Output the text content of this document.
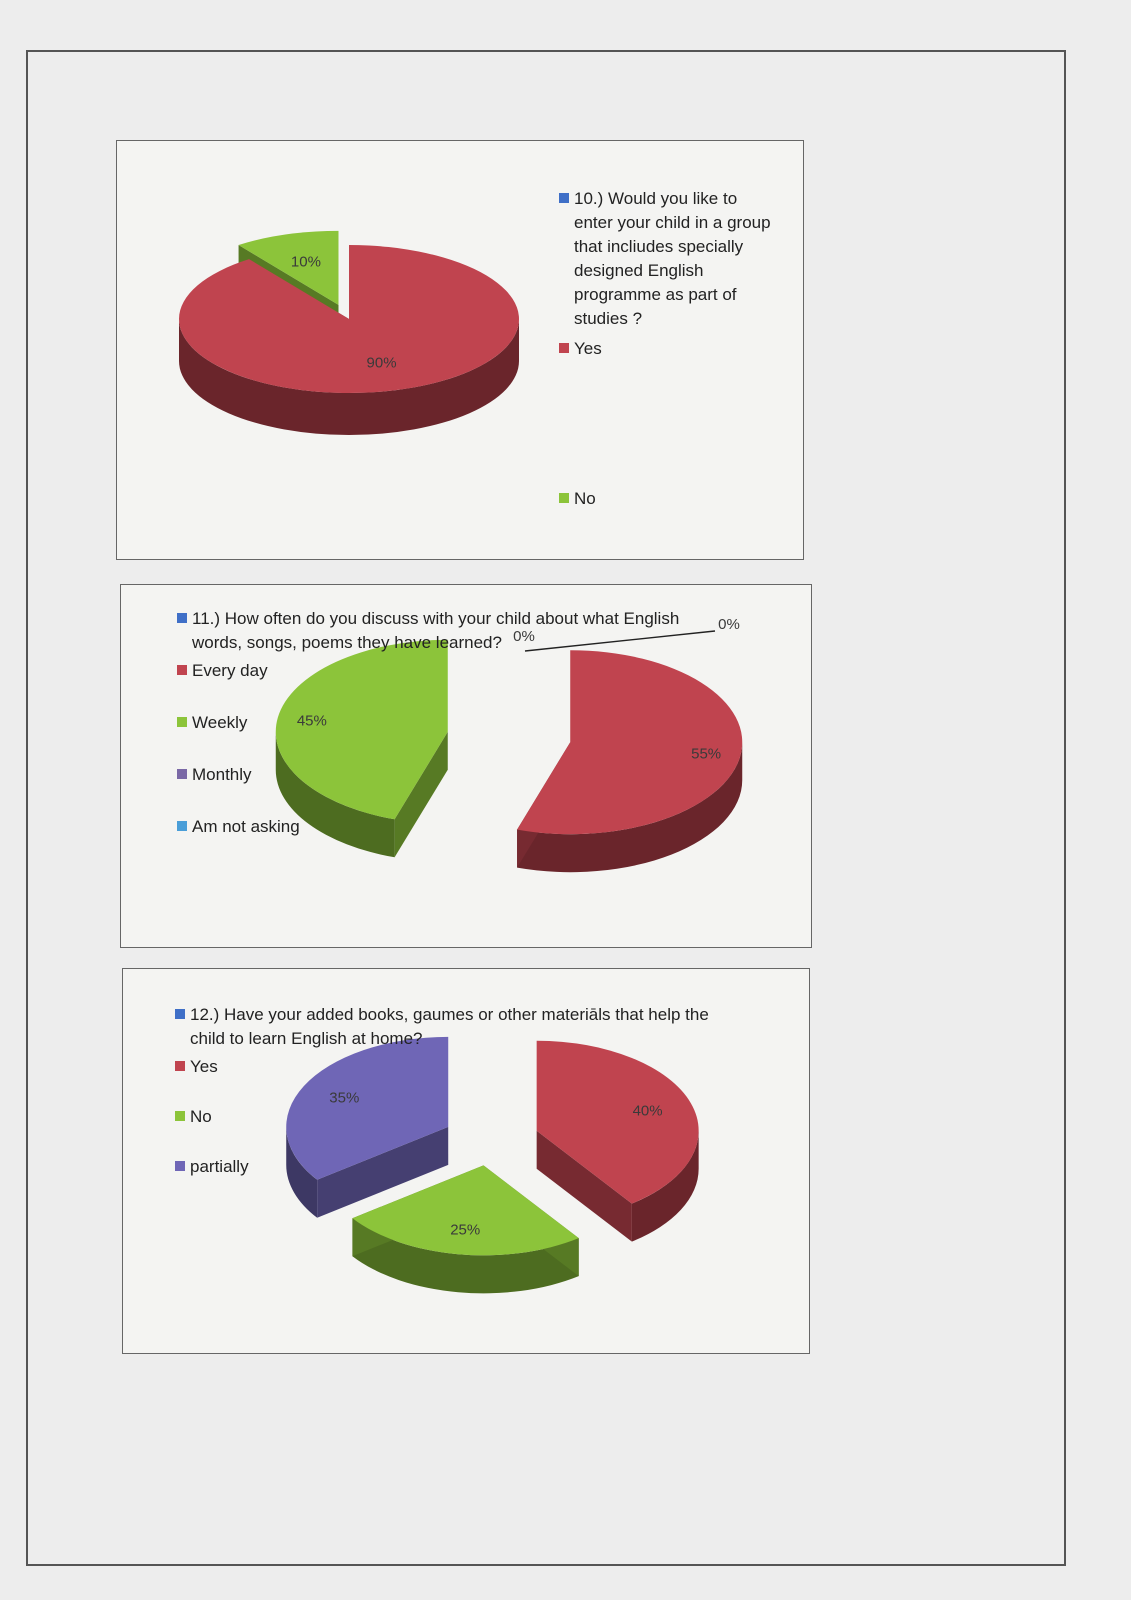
90%
10%
10.) Would you like to enter your child in a group that incliudes specially designed English programme as part of studies ?
Yes
No
55%
45%
0%
0%
11.) How often do you discuss with your child about what English words, songs, poems they have learned?
Every day
Weekly
Monthly
Am not asking
40%
25%
35%
12.) Have your added books, gaumes or other materiāls that help the child to learn English at home?
Yes
No
partially
